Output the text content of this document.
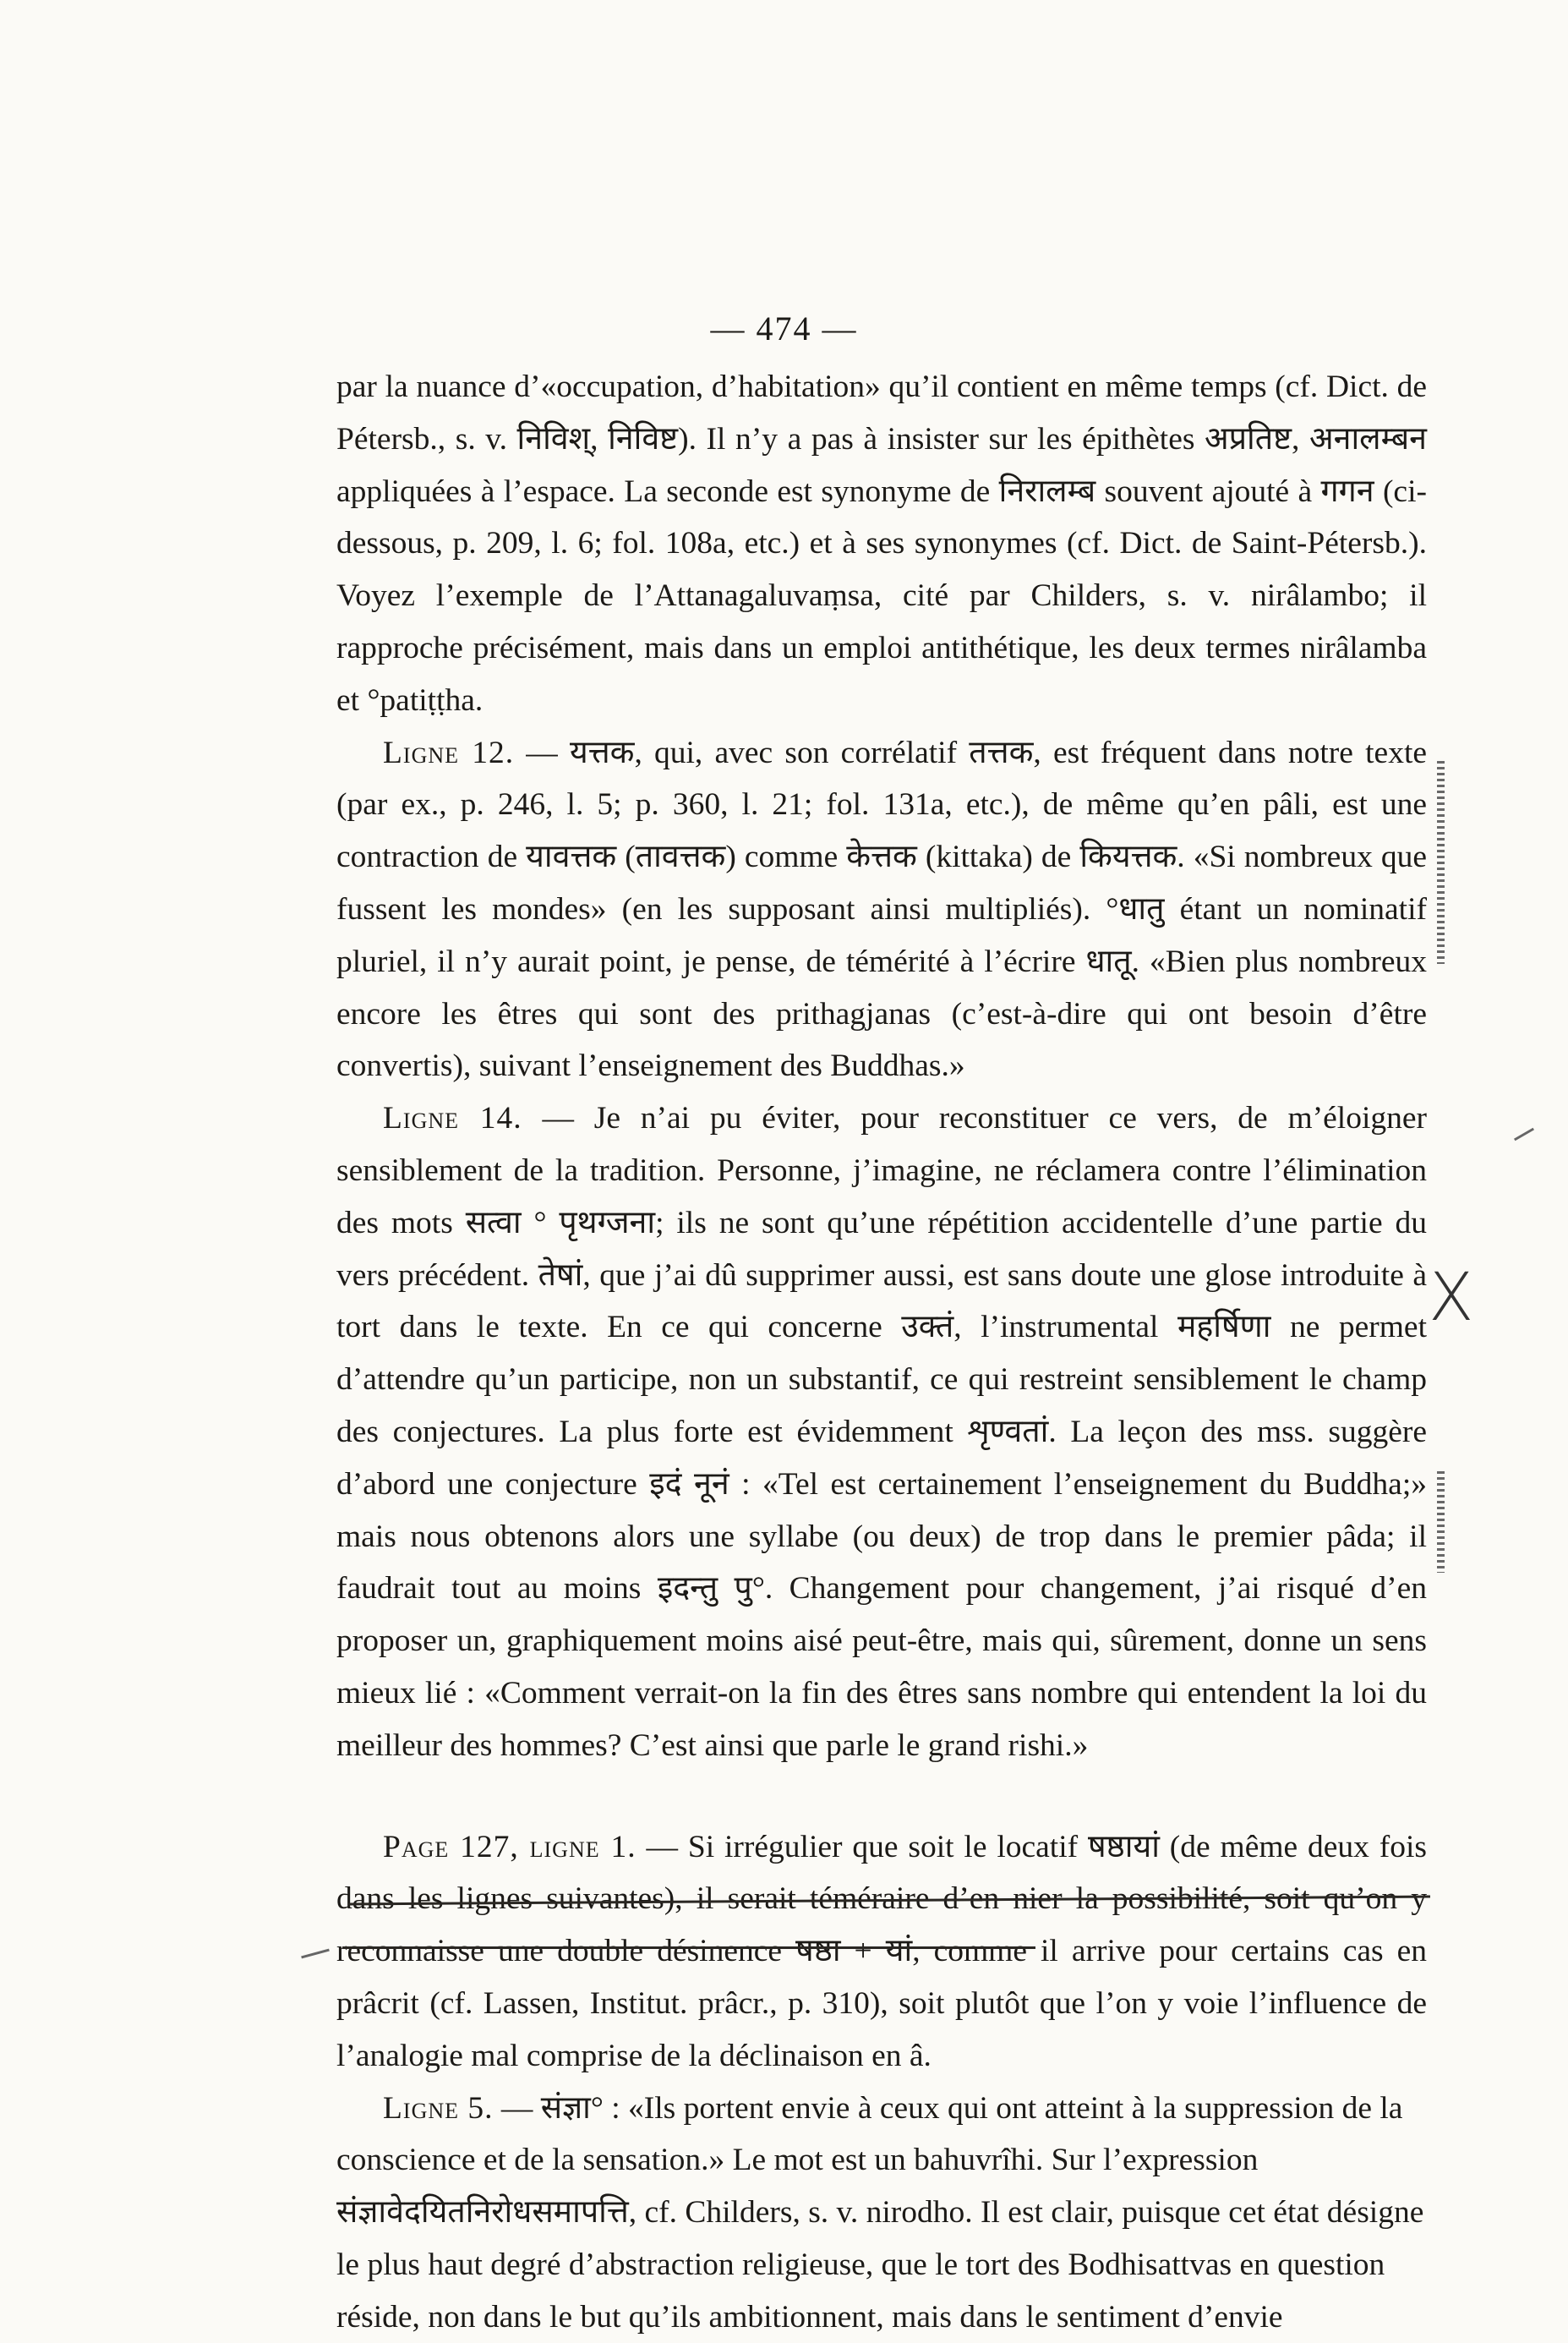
— 474 —

par la nuance d’«occupation, d’habitation» qu’il contient en même temps (cf. Dict. de Pétersb., s. v. निविश्, निविष्ट). Il n’y a pas à insister sur les épithètes अप्रतिष्ट, अनालम्बन appliquées à l’espace. La seconde est synonyme de निरालम्ब souvent ajouté à गगन (ci-dessous, p. 209, l. 6; fol. 108a, etc.) et à ses synonymes (cf. Dict. de Saint-Pétersb.). Voyez l’exemple de l’Attanagaluvaṃsa, cité par Childers, s. v. nirâlambo; il rapproche précisément, mais dans un emploi antithétique, les deux termes nirâlamba et °patiṭṭha.

Ligne 12. — यत्तक, qui, avec son corrélatif तत्तक, est fréquent dans notre texte (par ex., p. 246, l. 5; p. 360, l. 21; fol. 131a, etc.), de même qu’en pâli, est une contraction de यावत्तक (तावत्तक) comme केत्तक (kittaka) de कियत्तक. «Si nombreux que fussent les mondes» (en les supposant ainsi multipliés). °धातु étant un nominatif pluriel, il n’y aurait point, je pense, de témérité à l’écrire धातू. «Bien plus nombreux encore les êtres qui sont des prithagjanas (c’est-à-dire qui ont besoin d’être convertis), suivant l’enseignement des Buddhas.»

Ligne 14. — Je n’ai pu éviter, pour reconstituer ce vers, de m’éloigner sensiblement de la tradition. Personne, j’imagine, ne réclamera contre l’élimination des mots सत्वा ° पृथग्जना; ils ne sont qu’une répétition accidentelle d’une partie du vers précédent. तेषां, que j’ai dû supprimer aussi, est sans doute une glose introduite à tort dans le texte. En ce qui concerne उक्तं, l’instrumental महर्षिणा ne permet d’attendre qu’un participe, non un substantif, ce qui restreint sensiblement le champ des conjectures. La plus forte est évidemment शृण्वतां. La leçon des mss. suggère d’abord une conjecture इदं नूनं : «Tel est certainement l’enseignement du Buddha;» mais nous obtenons alors une syllabe (ou deux) de trop dans le premier pâda; il faudrait tout au moins इदन्तु पु°. Changement pour changement, j’ai risqué d’en proposer un, graphiquement moins aisé peut-être, mais qui, sûrement, donne un sens mieux lié : «Comment verrait-on la fin des êtres sans nombre qui entendent la loi du meilleur des hommes? C’est ainsi que parle le grand rishi.»

Page 127, ligne 1. — Si irrégulier que soit le locatif षष्ठायां (de même deux fois dans les lignes suivantes), il serait téméraire d’en nier la possibilité, soit qu’on y reconnaisse une double désinence षष्ठा + यां, comme il arrive pour certains cas en prâcrit (cf. Lassen, Institut. prâcr., p. 310), soit plutôt que l’on y voie l’influence de l’analogie mal comprise de la déclinaison en â.

Ligne 5. — संज्ञा° : «Ils portent envie à ceux qui ont atteint à la suppression de la conscience et de la sensation.» Le mot est un bahuvrîhi. Sur l’expression संज्ञावेदयितनिरोधसमापत्ति, cf. Childers, s. v. nirodho. Il est clair, puisque cet état désigne le plus haut degré d’abstraction religieuse, que le tort des Bodhisattvas en question réside, non dans le but qu’ils ambitionnent, mais dans le sentiment d’envie

X
